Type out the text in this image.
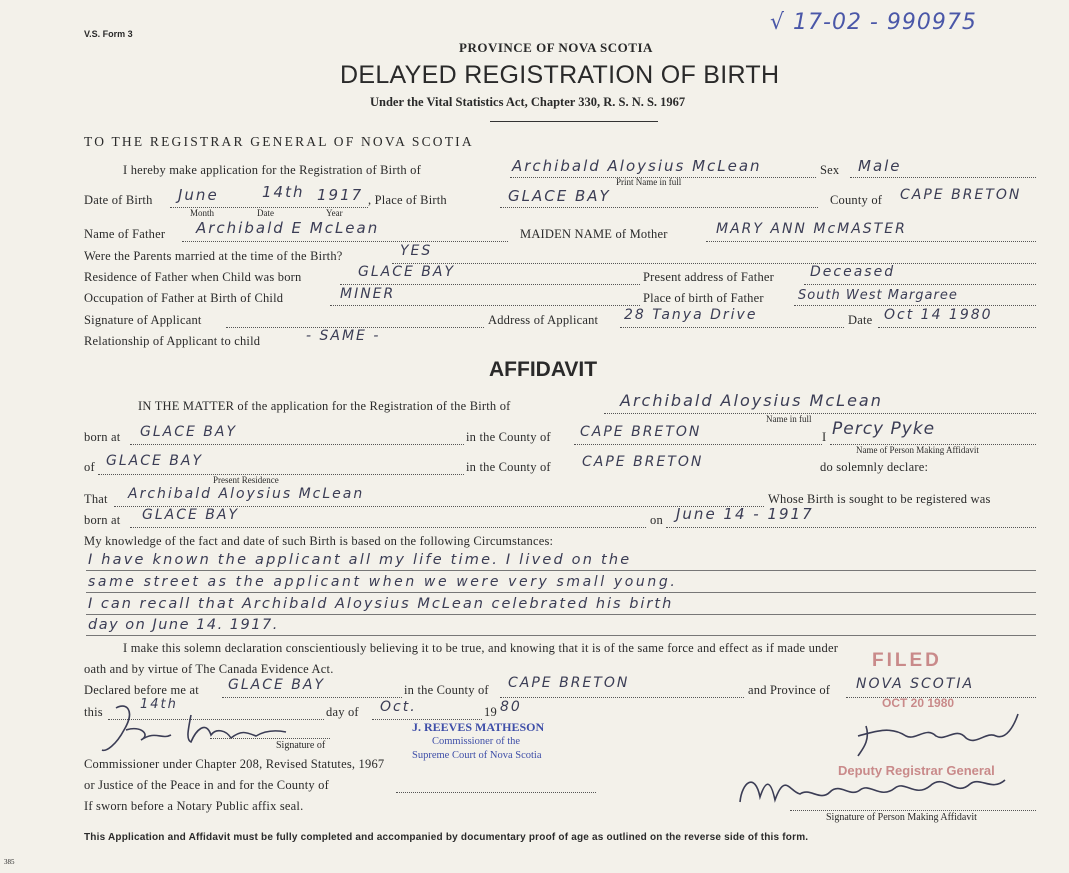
V.S. Form 3	√ 17-02 - 990975
PROVINCE OF NOVA SCOTIA
DELAYED REGISTRATION OF BIRTH
Under the Vital Statistics Act, Chapter 330, R. S. N. S. 1967
TO THE REGISTRAR GENERAL OF NOVA SCOTIA
I hereby make application for the Registration of Birth of	Archibald Aloysius McLean
Print Name in full
Sex Male
Date of Birth June	14th 1917
Month	Date	Year
, Place of Birth	GLACE BAY	County of CAPE BRETON
Name of Father Archibald E McLean	MAIDEN NAME of Mother	MARY ANN McMASTER
Were the Parents married at the time of the Birth?	YES
Residence of Father when Child was born	GLACE BAY	Present address of Father	Deceased
Occupation of Father at Birth of Child	MINER	Place of birth of Father	South West Margaree
Signature of Applicant	Address of Applicant 28 Tanya Drive	Date Oct 14 1980
Relationship of Applicant to child	- SAME -
AFFIDAVIT
IN THE MATTER of the application for the Registration of the Birth of	Archibald Aloysius McLean
Name in full
born at GLACE BAY	in the County of CAPE BRETON	I Percy Pyke
Name of Person Making Affidavit
of GLACE BAY
Present Residence
in the County of CAPE BRETON	do solemnly declare:
That Archibald Aloysius McLean	Whose Birth is sought to be registered was
born at GLACE BAY	on June 14 - 1917
My knowledge of the fact and date of such Birth is based on the following Circumstances:
I have known the applicant all my life time. I lived on the
same street as the applicant when we were very small young.
I can recall that Archibald Aloysius McLean celebrated his birth
day on June 14. 1917.
I make this solemn declaration conscientiously believing it to be true, and knowing that it is of the same force and effect as if made under
oath and by virtue of The Canada Evidence Act.
Declared before me at GLACE BAY	in the County of CAPE BRETON	and Province of NOVA SCOTIA
this	14th	day of Oct.	19 80
Signature of
Commissioner under Chapter 208, Revised Statutes, 1967
or Justice of the Peace in and for the County of
If sworn before a Notary Public affix seal.
J. REEVES MATHESON
Commissioner of the
Supreme Court of Nova Scotia
FILED
OCT 20 1980
Deputy Registrar General
Signature of Person Making Affidavit
This Application and Affidavit must be fully completed and accompanied by documentary proof of age as outlined on the reverse side of this form.
385
